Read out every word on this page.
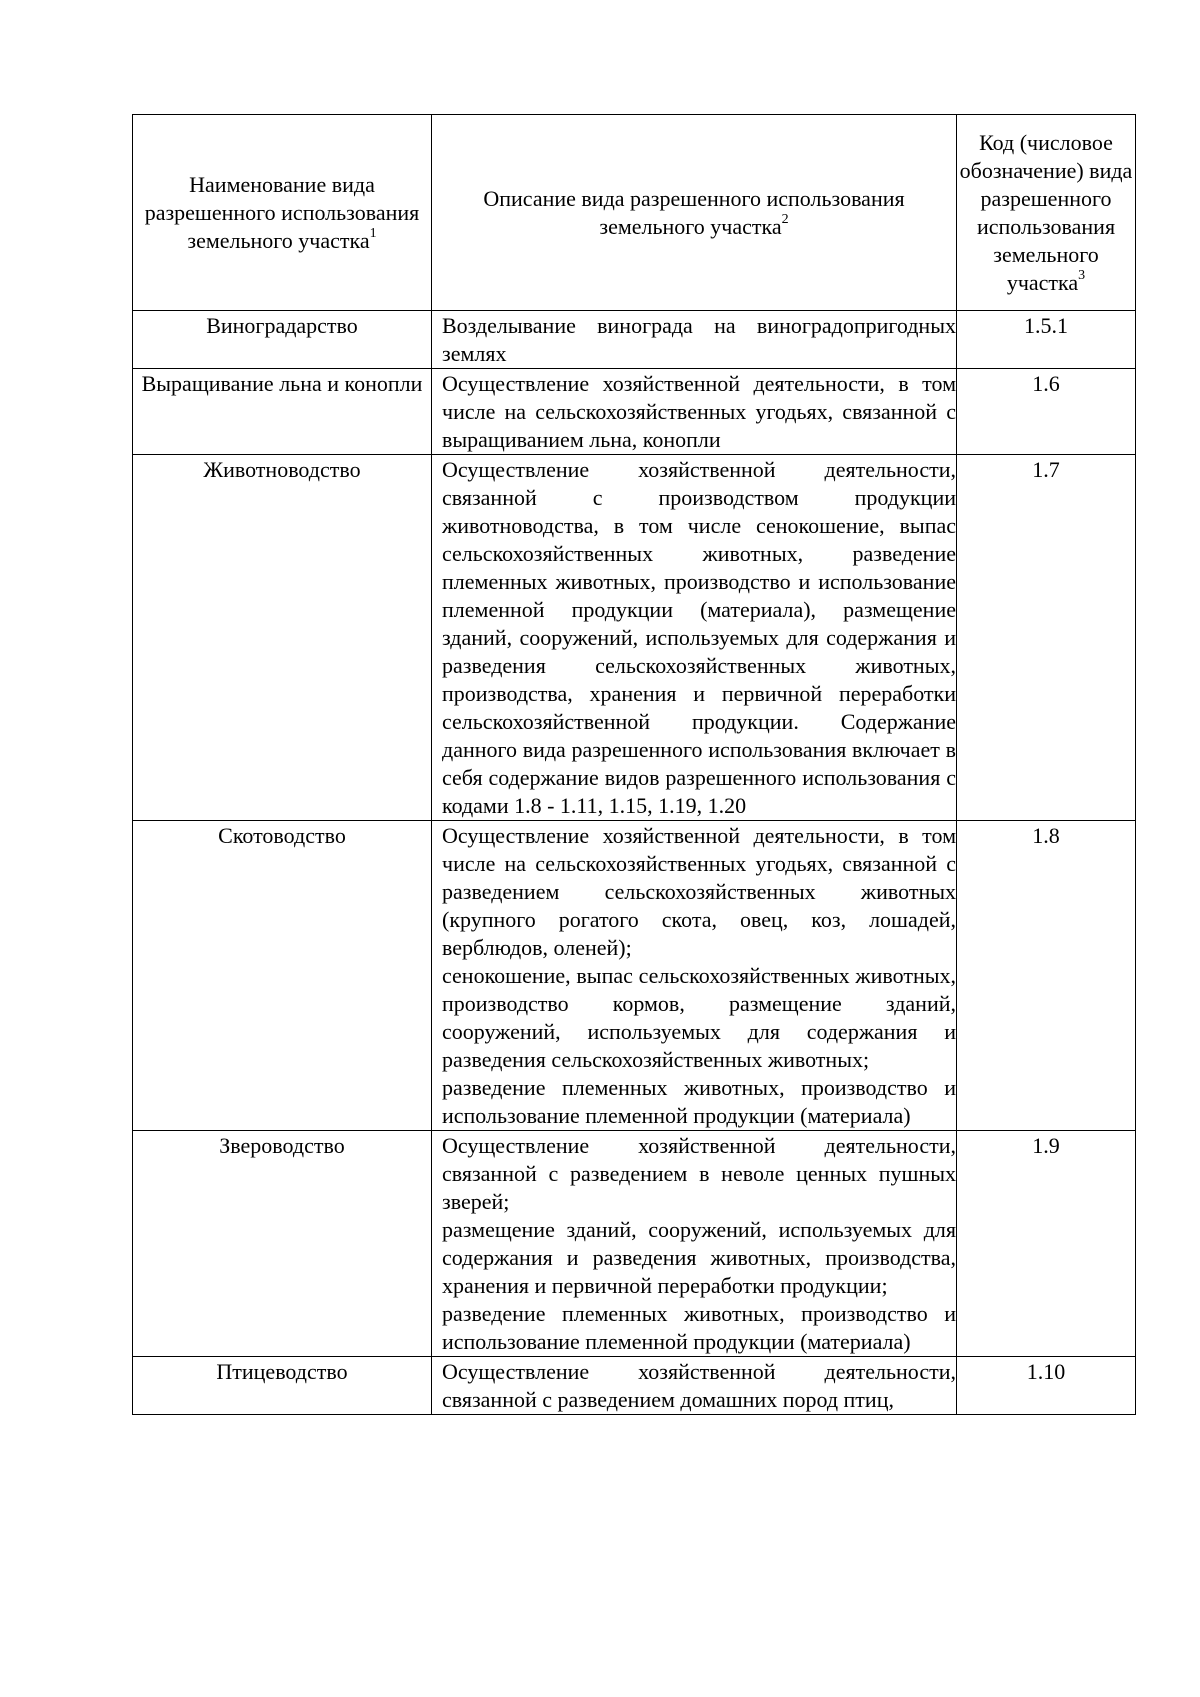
Наименование вида разрешенного использования земельного участка$^1$	Описание вида разрешенного использования земельного участка$^2$	Код (числовое обозначение) вида разрешенного использования земельного участка$^3$
Виноградарство	Возделывание винограда на виноградопригодных землях	1.5.1
Выращивание льна и конопли	Осуществление хозяйственной деятельности, в том числе на сельскохозяйственных угодьях, связанной с выращиванием льна, конопли	1.6
Животноводство	Осуществление хозяйственной деятельности, связанной с производством продукции животноводства, в том числе сенокошение, выпас сельскохозяйственных животных, разведение племенных животных, производство и использование племенной продукции (материала), размещение зданий, сооружений, используемых для содержания и разведения сельскохозяйственных животных, производства, хранения и первичной переработки сельскохозяйственной продукции. Содержание данного вида разрешенного использования включает в себя содержание видов разрешенного использования с кодами 1.8 - 1.11, 1.15, 1.19, 1.20	1.7
Скотоводство	Осуществление хозяйственной деятельности, в том числе на сельскохозяйственных угодьях, связанной с разведением сельскохозяйственных животных (крупного рогатого скота, овец, коз, лошадей, верблюдов, оленей);
сенокошение, выпас сельскохозяйственных животных, производство кормов, размещение зданий, сооружений, используемых для содержания и разведения сельскохозяйственных животных;
разведение племенных животных, производство и использование племенной продукции (материала)	1.8
Звероводство	Осуществление хозяйственной деятельности, связанной с разведением в неволе ценных пушных зверей;
размещение зданий, сооружений, используемых для содержания и разведения животных, производства, хранения и первичной переработки продукции;
разведение племенных животных, производство и использование племенной продукции (материала)	1.9
Птицеводство	Осуществление хозяйственной деятельности, связанной с разведением домашних пород птиц,	1.10
